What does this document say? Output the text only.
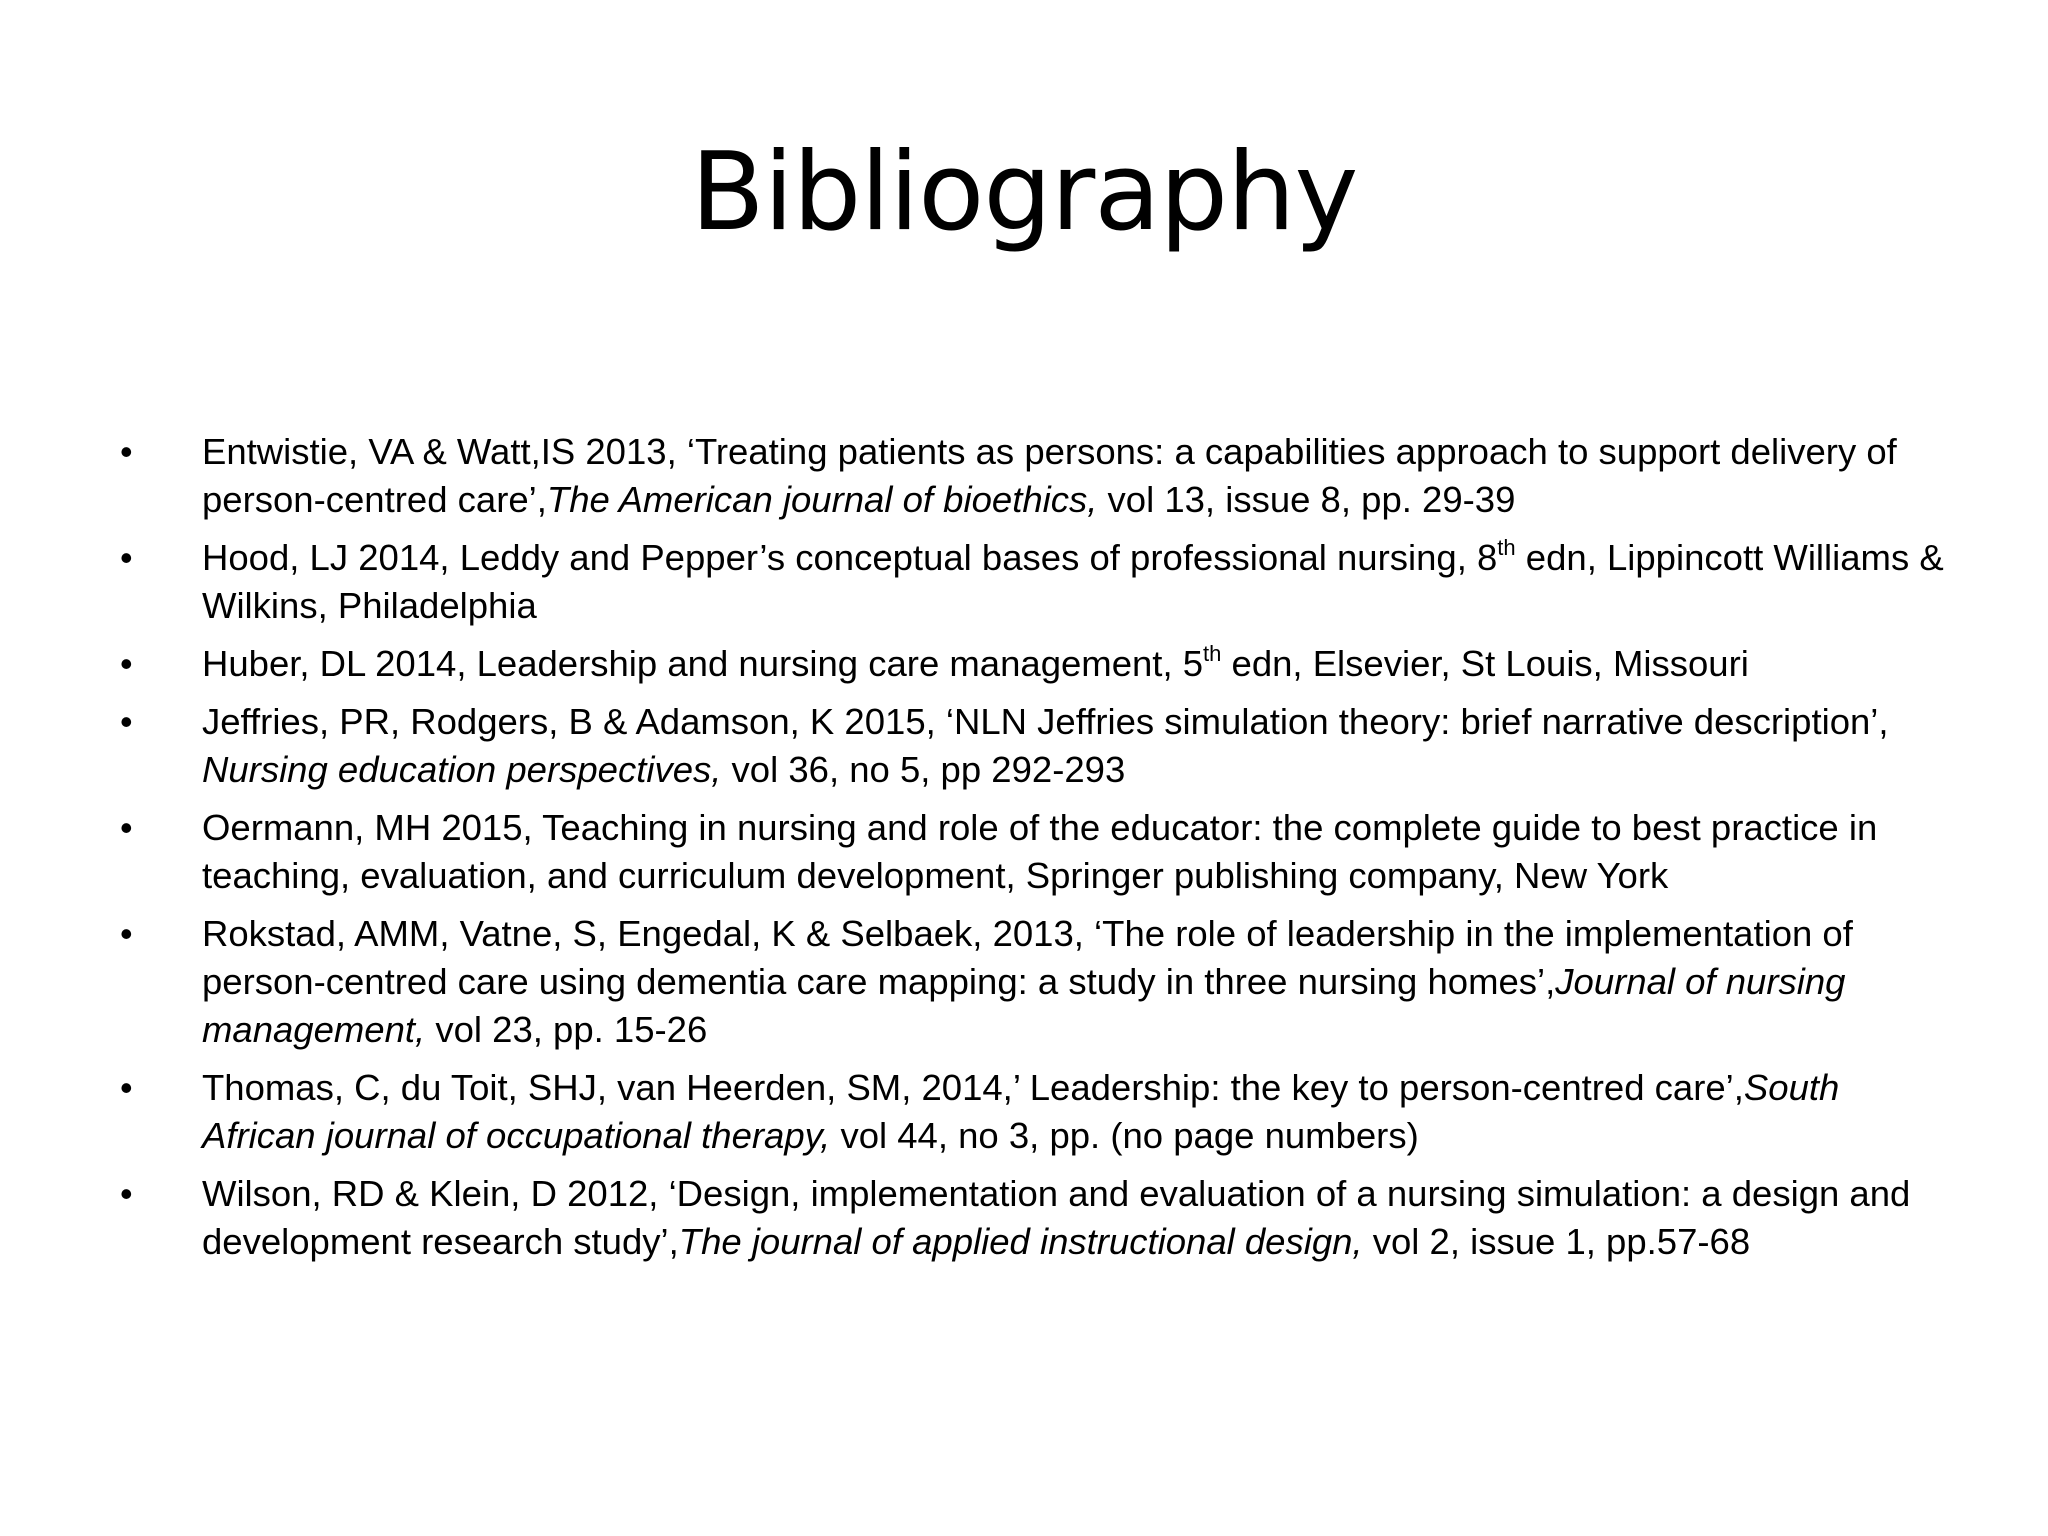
Bibliography
•	Entwistie, VA & Watt,IS 2013, ‘Treating patients as persons: a capabilities approach to support delivery of person-centred care’,The American journal of bioethics, vol 13, issue 8, pp. 29-39
•	Hood, LJ 2014, Leddy and Pepper’s conceptual bases of professional nursing, 8th edn, Lippincott Williams & Wilkins, Philadelphia
•	Huber, DL 2014, Leadership and nursing care management, 5th edn, Elsevier, St Louis, Missouri
•	Jeffries, PR, Rodgers, B & Adamson, K 2015, ‘NLN Jeffries simulation theory: brief narrative description’, Nursing education perspectives, vol 36, no 5, pp 292-293
•	Oermann, MH 2015, Teaching in nursing and role of the educator: the complete guide to best practice in teaching, evaluation, and curriculum development, Springer publishing company, New York
•	Rokstad, AMM, Vatne, S, Engedal, K & Selbaek, 2013, ‘The role of leadership in the implementation of person-centred care using dementia care mapping: a study in three nursing homes’,Journal of nursing management, vol 23, pp. 15-26
•	Thomas, C, du Toit, SHJ, van Heerden, SM, 2014,’ Leadership: the key to person-centred care’,South African journal of occupational therapy, vol 44, no 3, pp. (no page numbers)
•	Wilson, RD & Klein, D 2012, ‘Design, implementation and evaluation of a nursing simulation: a design and development research study’,The journal of applied instructional design, vol 2, issue 1, pp.57-68
